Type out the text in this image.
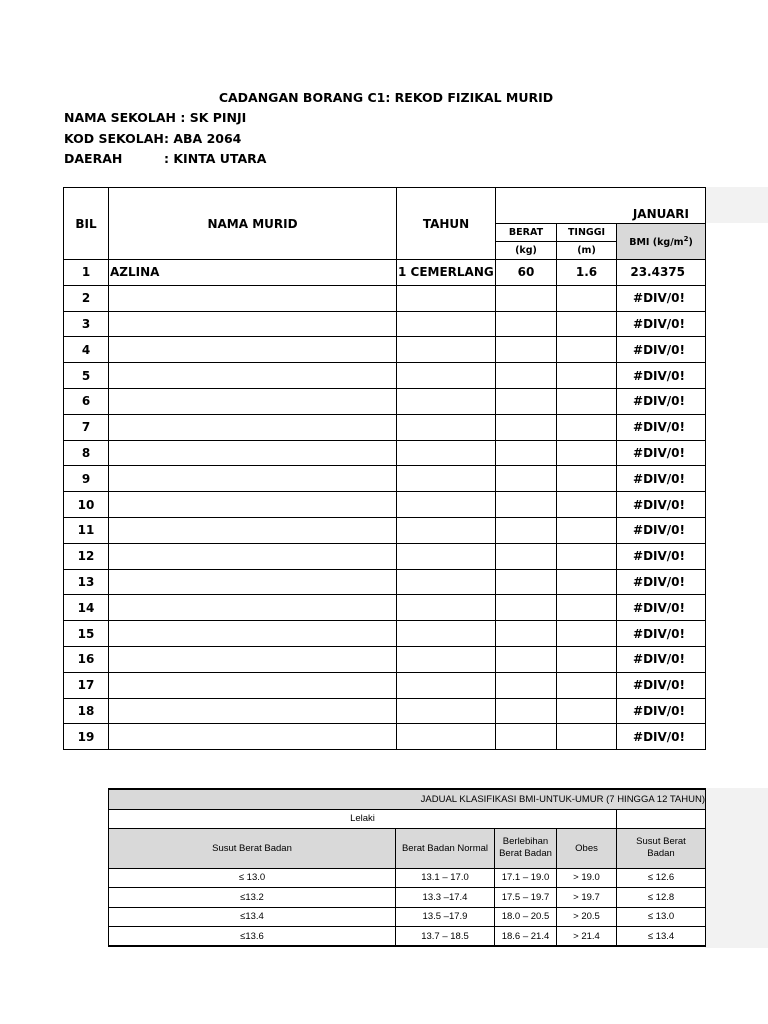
CADANGAN BORANG C1: REKOD FIZIKAL MURID
NAMA SEKOLAH : SK PINJI
KOD SEKOLAH: ABA 2064
DAERAH	: KINTA UTARA
BIL	NAMA MURID	TAHUN			
			JANUARI		
			BERAT	TINGGI	BMI $(kg/m^2)$
			(kg)	(m)	
1	AZLINA	1 CEMERLANG	60	1.6	23.4375
2					#DIV/0!
3					#DIV/0!
4					#DIV/0!
5					#DIV/0!
6					#DIV/0!
7					#DIV/0!
8					#DIV/0!
9					#DIV/0!
10					#DIV/0!
11					#DIV/0!
12					#DIV/0!
13					#DIV/0!
14					#DIV/0!
15					#DIV/0!
16					#DIV/0!
17					#DIV/0!
18					#DIV/0!
19					#DIV/0!
JADUAL KLASIFIKASI BMI-UNTUK-UMUR (7 HINGGA 12 TAHUN)				
Lelaki				
Susut Berat Badan	Berat Badan Normal	Berlebihan Berat Badan	Obes	Susut Berat Badan
≤ 13.0	13.1 – 17.0	17.1 – 19.0	> 19.0	≤ 12.6
≤13.2	13.3 –17.4	17.5 – 19.7	> 19.7	≤ 12.8
≤13.4	13.5 –17.9	18.0 – 20.5	> 20.5	≤ 13.0
≤13.6	13.7 – 18.5	18.6 – 21.4	> 21.4	≤ 13.4
